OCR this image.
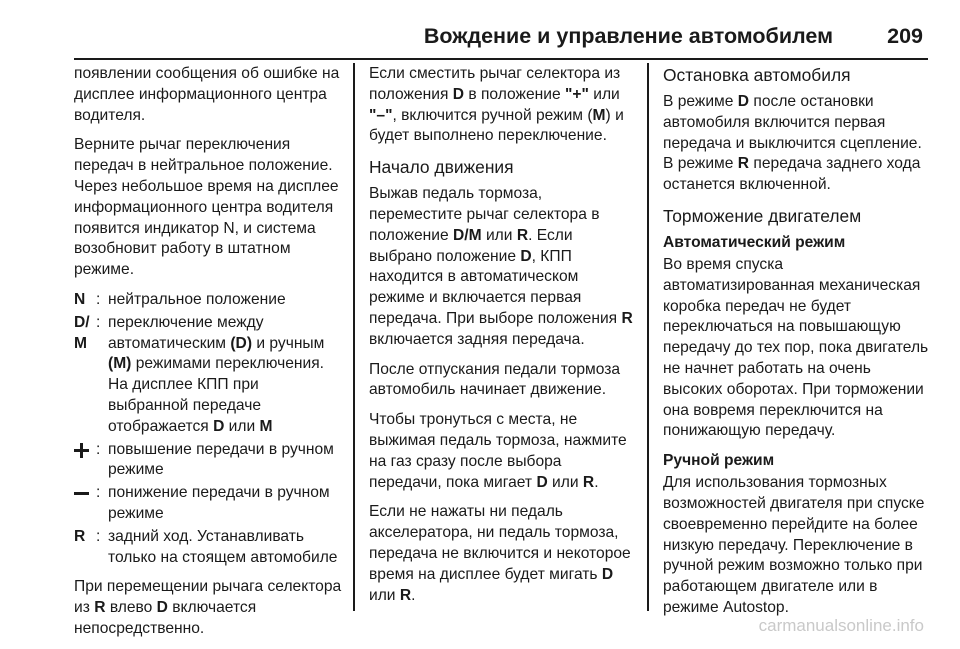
Вождение и управление автомобилем	209

появлении сообщения об ошибке на дисплее информационного центра водителя.

Верните рычаг переключения передач в нейтральное положение. Через небольшое время на дисплее информационного центра водителя появится индикатор N, и система возобновит работу в штатном режиме.

N : нейтральное положение
D/ M
: переключение между автоматическим (D) и ручным (M) режимами переключения. На дисплее КПП при выбранной передаче отображается D или M
: повышение передачи в ручном режиме
: понижение передачи в ручном режиме
R : задний ход. Устанавливать только на стоящем автомобиле

При перемещении рычага селектора из R влево D включается непосредственно.

Если сместить рычаг селектора из положения D в положение "+" или "–", включится ручной режим (M) и будет выполнено переключение.

Начало движения

Выжав педаль тормоза, переместите рычаг селектора в положение D/M или R. Если выбрано положение D, КПП находится в автоматическом режиме и включается первая передача. При выборе положения R включается задняя передача.

После отпускания педали тормоза автомобиль начинает движение.

Чтобы тронуться с места, не выжимая педаль тормоза, нажмите на газ сразу после выбора передачи, пока мигает D или R.

Если не нажаты ни педаль акселератора, ни педаль тормоза, передача не включится и некоторое время на дисплее будет мигать D или R.

Остановка автомобиля

В режиме D после остановки автомобиля включится первая передача и выключится сцепление. В режиме R передача заднего хода останется включенной.

Торможение двигателем
Автоматический режим

Во время спуска автоматизированная механическая коробка передач не будет переключаться на повышающую передачу до тех пор, пока двигатель не начнет работать на очень высоких оборотах. При торможении она вовремя переключится на понижающую передачу.

Ручной режим

Для использования тормозных возможностей двигателя при спуске своевременно перейдите на более низкую передачу. Переключение в ручной режим возможно только при работающем двигателе или в режиме Autostop.

carmanualsonline.info
